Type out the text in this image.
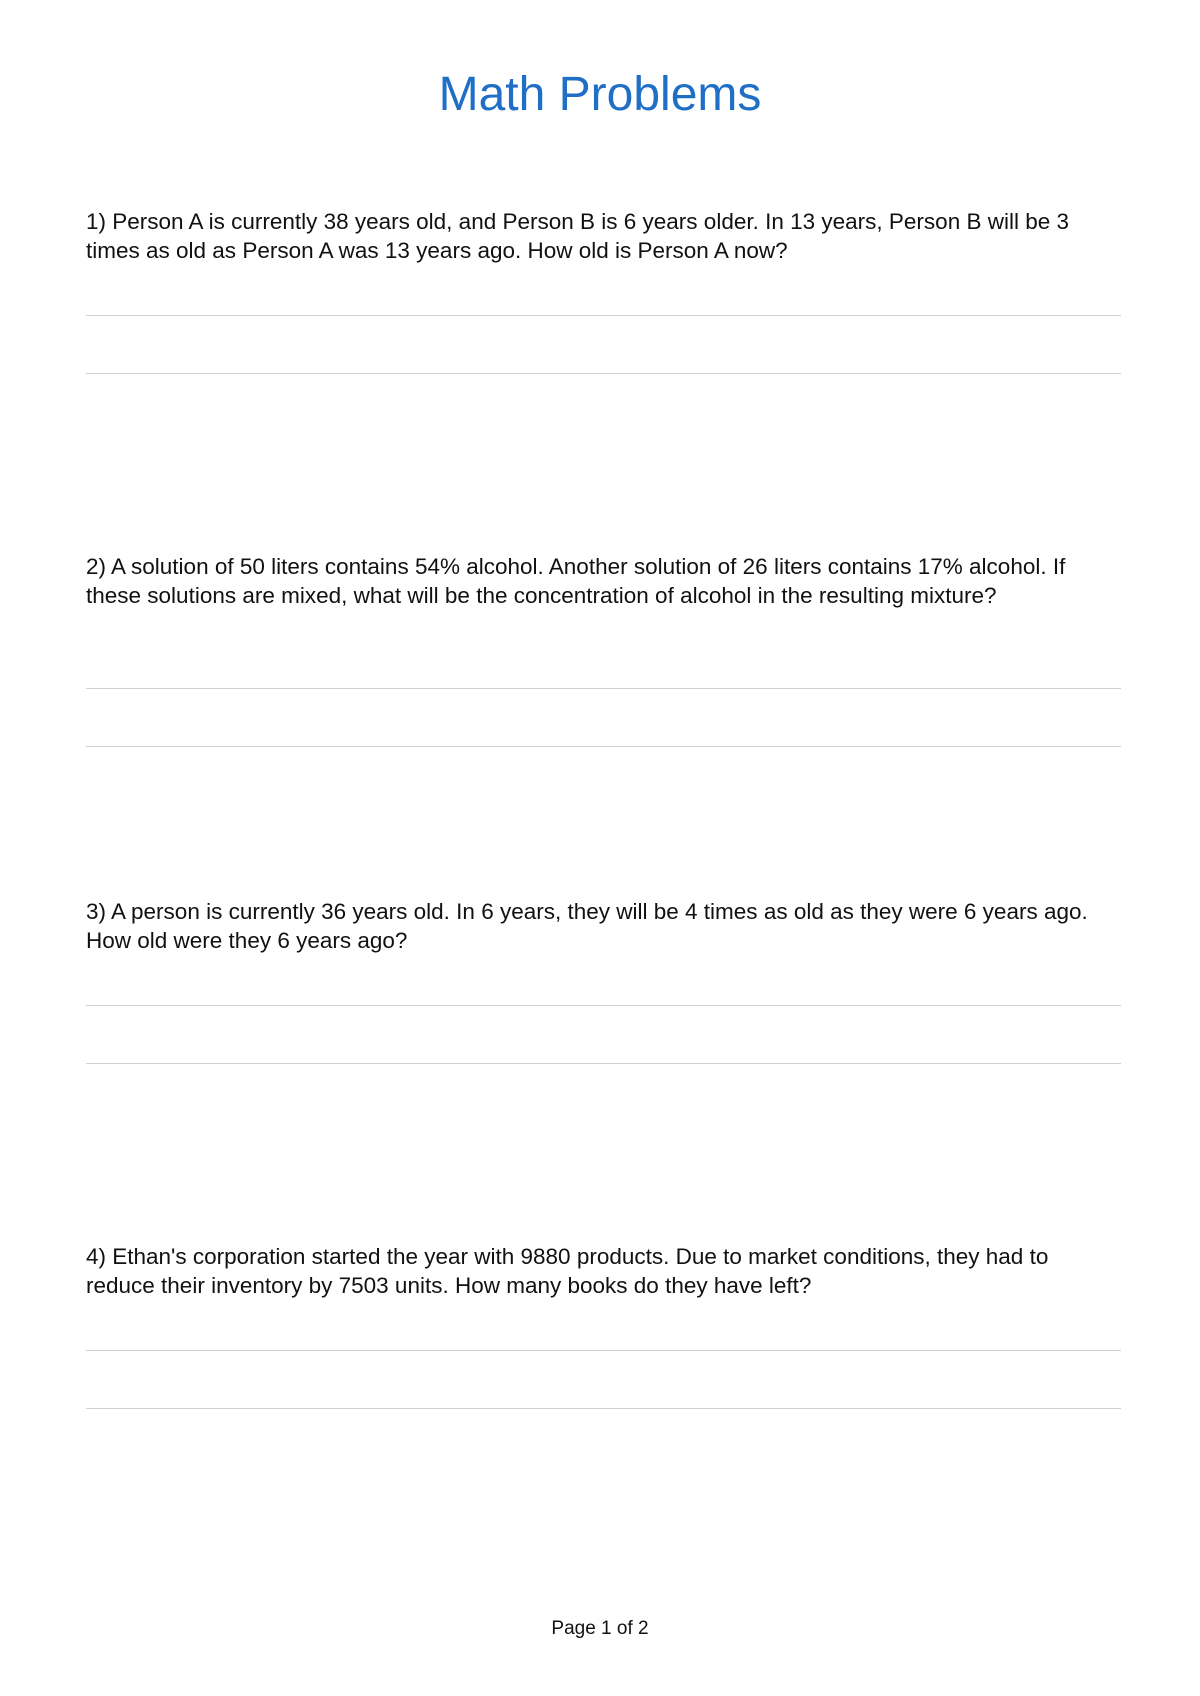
Math Problems

1) Person A is currently 38 years old, and Person B is 6 years older. In 13 years, Person B will be 3 times as old as Person A was 13 years ago. How old is Person A now?

2) A solution of 50 liters contains 54% alcohol. Another solution of 26 liters contains 17% alcohol. If these solutions are mixed, what will be the concentration of alcohol in the resulting mixture?

3) A person is currently 36 years old. In 6 years, they will be 4 times as old as they were 6 years ago. How old were they 6 years ago?

4) Ethan's corporation started the year with 9880 products. Due to market conditions, they had to reduce their inventory by 7503 units. How many books do they have left?

Page 1 of 2
